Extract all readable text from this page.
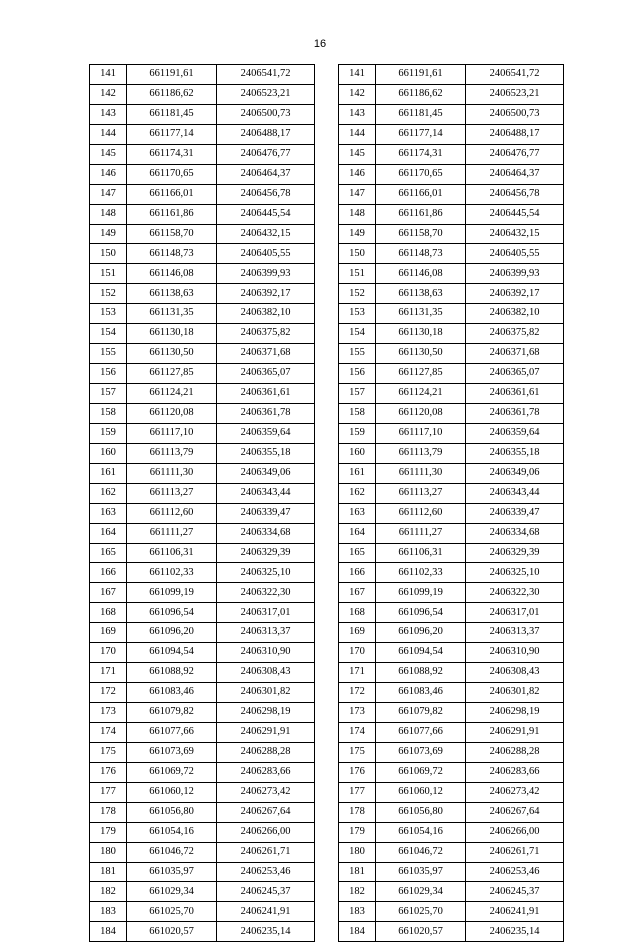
16
141	661191,61	2406541,72
142	661186,62	2406523,21
143	661181,45	2406500,73
144	661177,14	2406488,17
145	661174,31	2406476,77
146	661170,65	2406464,37
147	661166,01	2406456,78
148	661161,86	2406445,54
149	661158,70	2406432,15
150	661148,73	2406405,55
151	661146,08	2406399,93
152	661138,63	2406392,17
153	661131,35	2406382,10
154	661130,18	2406375,82
155	661130,50	2406371,68
156	661127,85	2406365,07
157	661124,21	2406361,61
158	661120,08	2406361,78
159	661117,10	2406359,64
160	661113,79	2406355,18
161	661111,30	2406349,06
162	661113,27	2406343,44
163	661112,60	2406339,47
164	661111,27	2406334,68
165	661106,31	2406329,39
166	661102,33	2406325,10
167	661099,19	2406322,30
168	661096,54	2406317,01
169	661096,20	2406313,37
170	661094,54	2406310,90
171	661088,92	2406308,43
172	661083,46	2406301,82
173	661079,82	2406298,19
174	661077,66	2406291,91
175	661073,69	2406288,28
176	661069,72	2406283,66
177	661060,12	2406273,42
178	661056,80	2406267,64
179	661054,16	2406266,00
180	661046,72	2406261,71
181	661035,97	2406253,46
182	661029,34	2406245,37
183	661025,70	2406241,91
184	661020,57	2406235,14
141	661191,61	2406541,72
142	661186,62	2406523,21
143	661181,45	2406500,73
144	661177,14	2406488,17
145	661174,31	2406476,77
146	661170,65	2406464,37
147	661166,01	2406456,78
148	661161,86	2406445,54
149	661158,70	2406432,15
150	661148,73	2406405,55
151	661146,08	2406399,93
152	661138,63	2406392,17
153	661131,35	2406382,10
154	661130,18	2406375,82
155	661130,50	2406371,68
156	661127,85	2406365,07
157	661124,21	2406361,61
158	661120,08	2406361,78
159	661117,10	2406359,64
160	661113,79	2406355,18
161	661111,30	2406349,06
162	661113,27	2406343,44
163	661112,60	2406339,47
164	661111,27	2406334,68
165	661106,31	2406329,39
166	661102,33	2406325,10
167	661099,19	2406322,30
168	661096,54	2406317,01
169	661096,20	2406313,37
170	661094,54	2406310,90
171	661088,92	2406308,43
172	661083,46	2406301,82
173	661079,82	2406298,19
174	661077,66	2406291,91
175	661073,69	2406288,28
176	661069,72	2406283,66
177	661060,12	2406273,42
178	661056,80	2406267,64
179	661054,16	2406266,00
180	661046,72	2406261,71
181	661035,97	2406253,46
182	661029,34	2406245,37
183	661025,70	2406241,91
184	661020,57	2406235,14
